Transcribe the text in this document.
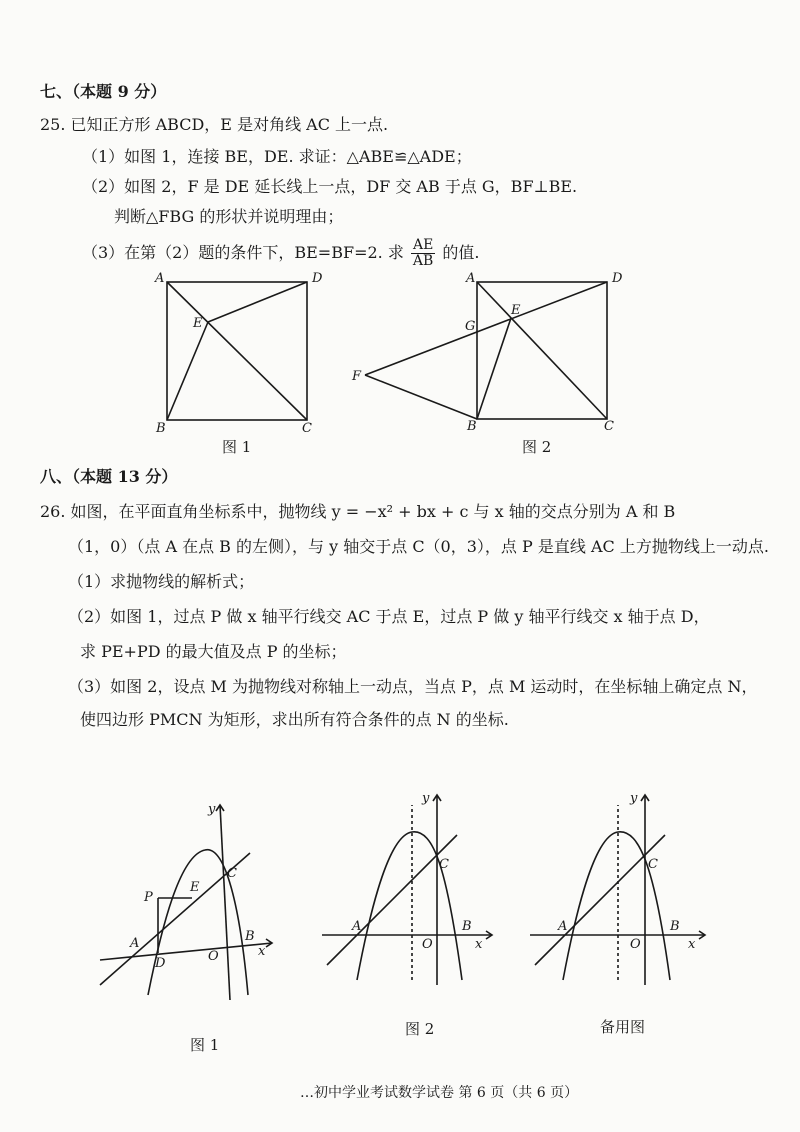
七、（本题 9 分）
25. 已知正方形 ABCD，E 是对角线 AC 上一点.
（1）如图 1，连接 BE，DE. 求证：△ABE≌△ADE；
（2）如图 2，F 是 DE 延长线上一点，DF 交 AB 于点 G，BF⊥BE.
判断△FBG 的形状并说明理由；
（3）在第（2）题的条件下，BE=BF=2. 求 $\frac{AE}{AB}$ 的值.
A	D
B	C
E
图 1
A	D
B	C
E
G
F
图 2
八、（本题 13 分）
26. 如图，在平面直角坐标系中，抛物线 y = −x² + bx + c 与 x 轴的交点分别为 A 和 B
（1，0）（点 A 在点 B 的左侧），与 y 轴交于点 C（0，3），点 P 是直线 AC 上方抛物线上一动点.
（1）求抛物线的解析式；
（2）如图 1，过点 P 做 x 轴平行线交 AC 于点 E，过点 P 做 y 轴平行线交 x 轴于点 D，
求 PE+PD 的最大值及点 P 的坐标；
（3）如图 2，设点 M 为抛物线对称轴上一动点，当点 P，点 M 运动时，在坐标轴上确定点 N，
使四边形 PMCN 为矩形，求出所有符合条件的点 N 的坐标.
y
x
A	B
C
D
E
P
O
图 1
y
x
A	B
C
O
图 2
y
x
A	B
C
O
备用图
…初中学业考试数学试卷 第 6 页（共 6 页）
